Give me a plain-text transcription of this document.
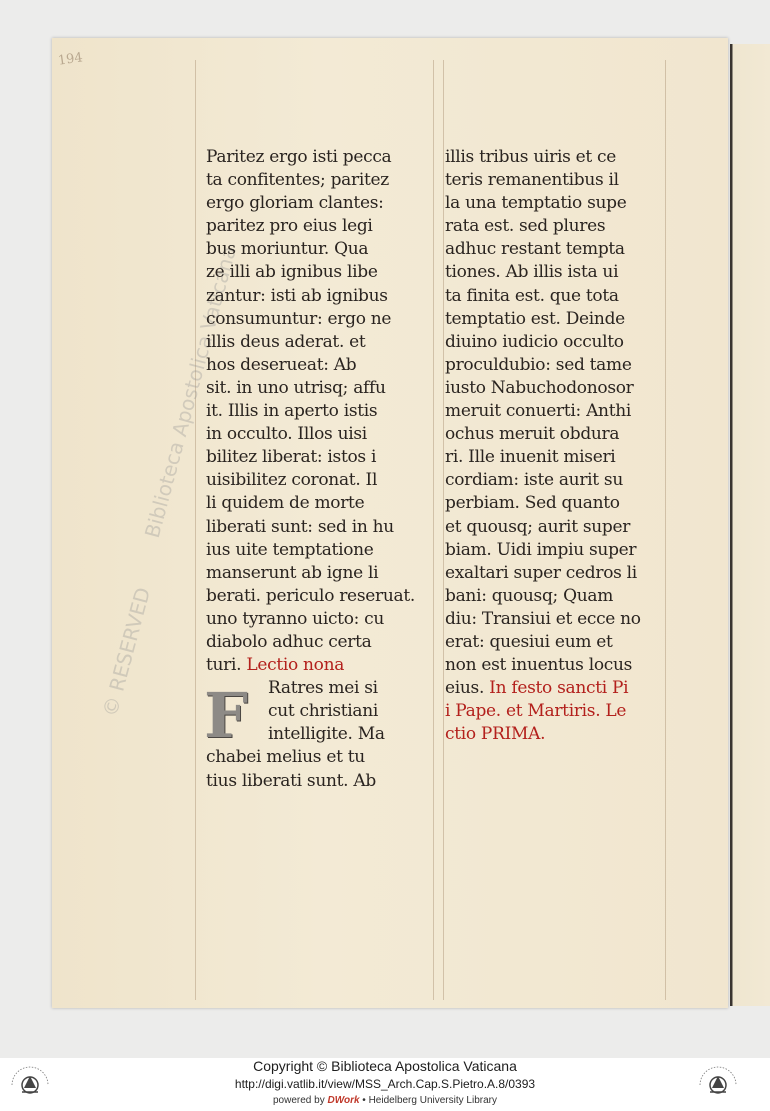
194
Biblioteca Apostolica Vaticana
© RESERVED
Paritez ergo isti pecca
ta confitentes; paritez
ergo gloriam clantes:
paritez pro eius legi
bus moriuntur. Qua
ze illi ab ignibus libe
zantur: isti ab ignibus
consumuntur: ergo ne
illis deus aderat. et
hos deserueat: Ab
sit. in uno utrisq; affu
it. Illis in aperto istis
in occulto. Illos uisi
bilitez liberat: istos i
uisibilitez coronat. Il
li quidem de morte
liberati sunt: sed in hu
ius uite temptatione
manserunt ab igne li
berati. periculo reseruat.
uno tyranno uicto: cu
diabolo adhuc certa
turi. Lectio nona
Ratres mei si
cut christiani
intelligite. Ma
chabei melius et tu
tius liberati sunt. Ab
F
illis tribus uiris et ce
teris remanentibus il
la una temptatio supe
rata est. sed plures
adhuc restant tempta
tiones. Ab illis ista ui
ta finita est. que tota
temptatio est. Deinde
diuino iudicio occulto
proculdubio: sed tame
iusto Nabuchodonosor
meruit conuerti: Anthi
ochus meruit obdura
ri. Ille inuenit miseri
cordiam: iste aurit su
perbiam. Sed quanto
et quousq; aurit super
biam. Uidi impiu super
exaltari super cedros li
bani: quousq; Quam
diu: Transiui et ecce no
erat: quesiui eum et
non est inuentus locus
eius. In festo sancti Pi
i Pape. et Martiris. Le
ctio PRIMA.
Copyright © Biblioteca Apostolica Vaticana
http://digi.vatlib.it/view/MSS_Arch.Cap.S.Pietro.A.8/0393
powered by DWork • Heidelberg University Library
